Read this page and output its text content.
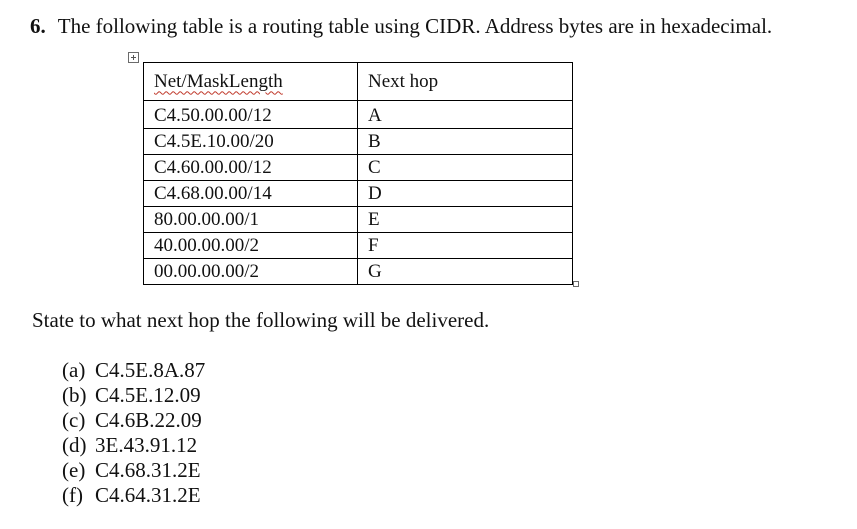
6. The following table is a routing table using CIDR. Address bytes are in hexadecimal.
Net/MaskLength	Next hop
C4.50.00.00/12	A
C4.5E.10.00/20	B
C4.60.00.00/12	C
C4.68.00.00/14	D
80.00.00.00/1	E
40.00.00.00/2	F
00.00.00.00/2	G
State to what next hop the following will be delivered.
(a) C4.5E.8A.87
(b) C4.5E.12.09
(c) C4.6B.22.09
(d) 3E.43.91.12
(e) C4.68.31.2E
(f) C4.64.31.2E
